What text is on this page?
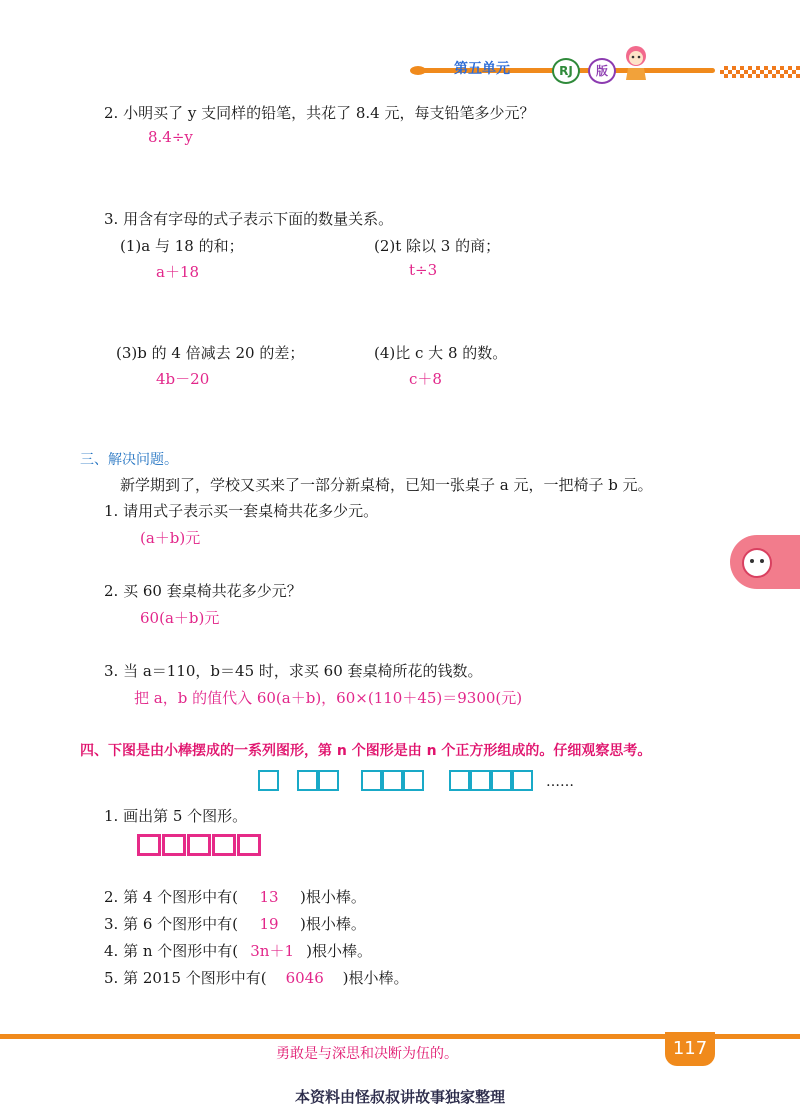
第五单元	RJ	版
2. 小明买了 y 支同样的铅笔，共花了 8.4 元，每支铅笔多少元？
8.4÷y
3. 用含有字母的式子表示下面的数量关系。
(1)a 与 18 的和；
a＋18
(2)t 除以 3 的商；
t÷3
(3)b 的 4 倍减去 20 的差；
4b－20
(4)比 c 大 8 的数。
c＋8
三、解决问题。
新学期到了，学校又买来了一部分新桌椅，已知一张桌子 a 元，一把椅子 b 元。
1. 请用式子表示买一套桌椅共花多少元。
(a＋b)元
2. 买 60 套桌椅共花多少元？
60(a＋b)元
3. 当 a＝110，b＝45 时，求买 60 套桌椅所花的钱数。
把 a，b 的值代入 60(a＋b)，60×(110＋45)＝9300(元)
四、下图是由小棒摆成的一系列图形，第 n 个图形是由 n 个正方形组成的。仔细观察思考。
……
1. 画出第 5 个图形。
2. 第 4 个图形中有( 13 )根小棒。
3. 第 6 个图形中有( 19 )根小棒。
4. 第 n 个图形中有( 3n＋1 )根小棒。
5. 第 2015 个图形中有( 6046 )根小棒。
勇敢是与深思和决断为伍的。	117
本资料由怪叔叔讲故事独家整理
